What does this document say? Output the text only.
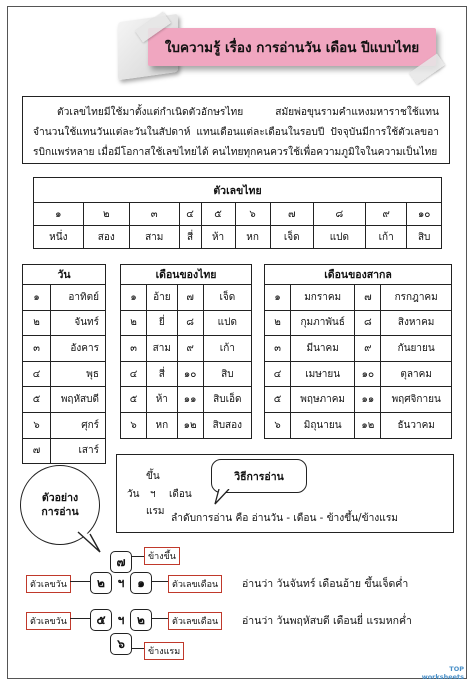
ใบความรู้ เรื่อง การอ่านวัน เดือน ปีแบบไทย
ตัวเลขไทยมีใช้มาตั้งแต่กำเนิดตัวอักษรไทย สมัยพ่อขุนรามคำแหงมหาราชใช้แทนจำนวนใช้แทนวันแต่ละวันในสัปดาห์ แทนเดือนแต่ละเดือนในรอบปี ปัจจุบันมีการใช้ตัวเลขอารบิกแพร่หลาย เมื่อมีโอกาสใช้เลขไทยได้ คนไทยทุกคนควรใช้เพื่อความภูมิใจในความเป็นไทย
ตัวเลขไทย									
๑	๒	๓	๔	๕	๖	๗	๘	๙	๑๐
หนึ่ง	สอง	สาม	สี่	ห้า	หก	เจ็ด	แปด	เก้า	สิบ
วัน	
๑	อาทิตย์
๒	จันทร์
๓	อังคาร
๔	พุธ
๕	พฤหัสบดี
๖	ศุกร์
๗	เสาร์
เดือนของไทย			
๑	อ้าย	๗	เจ็ด
๒	ยี่	๘	แปด
๓	สาม	๙	เก้า
๔	สี่	๑๐	สิบ
๕	ห้า	๑๑	สิบเอ็ด
๖	หก	๑๒	สิบสอง
เดือนของสากล			
๑	มกราคม	๗	กรกฎาคม
๒	กุมภาพันธ์	๘	สิงหาคม
๓	มีนาคม	๙	กันยายน
๔	เมษายน	๑๐	ตุลาคม
๕	พฤษภาคม	๑๑	พฤศจิกายน
๖	มิถุนายน	๑๒	ธันวาคม
วัน
ขึ้น
ฯ
แรม
เดือน
วิธีการอ่าน
ลำดับการอ่าน คือ อ่านวัน - เดือน - ข้างขึ้น/ข้างแรม
ตัวอย่าง
การอ่าน
๗	ข้างขึ้น
ตัวเลขวัน	๒	ฯ	๑	ตัวเลขเดือน	อ่านว่า วันจันทร์ เดือนอ้าย ขึ้นเจ็ดค่ำ
ตัวเลขวัน	๕	ฯ	๒	ตัวเลขเดือน	อ่านว่า วันพฤหัสบดี เดือนยี่ แรมหกค่ำ
๖
ข้างแรม
TOP
worksheets
